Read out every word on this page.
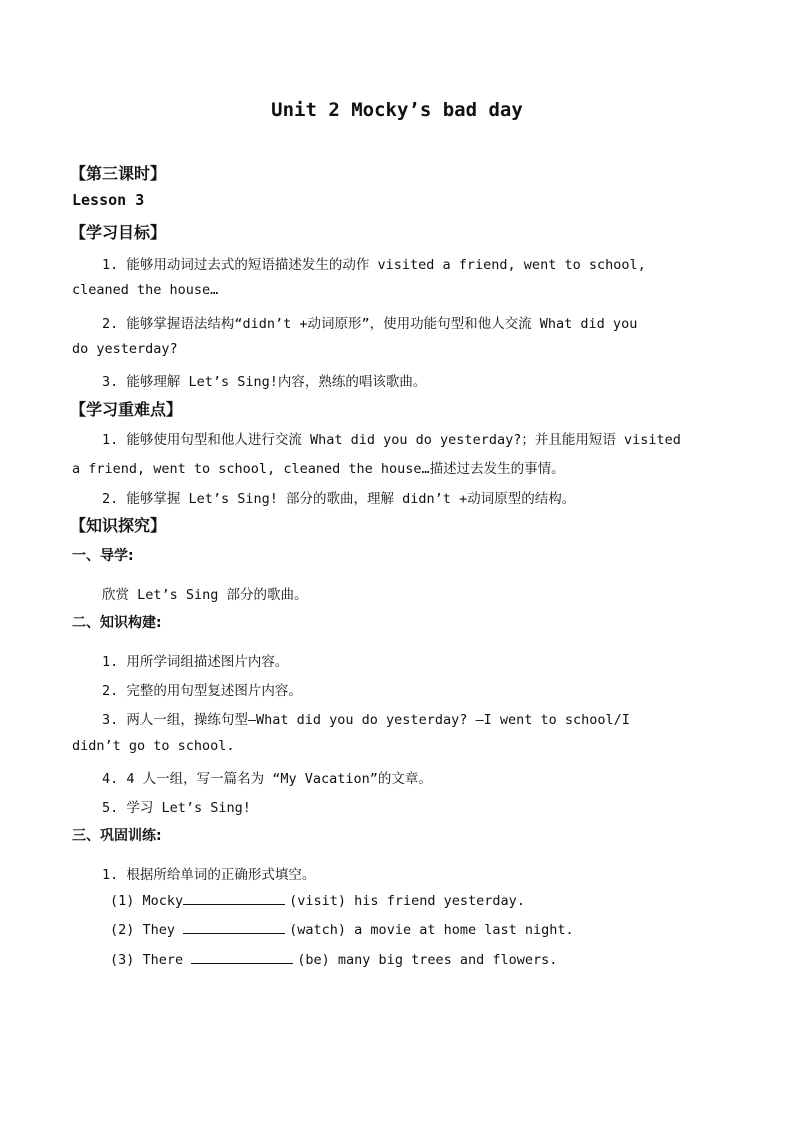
Unit 2 Mocky’s bad day
【第三课时】
Lesson 3
【学习目标】
1. 能够用动词过去式的短语描述发生的动作 visited a friend, went to school,
cleaned the house…
2. 能够掌握语法结构“didn’t +动词原形”，使用功能句型和他人交流 What did you
do yesterday?
3. 能够理解 Let’s Sing!内容，熟练的唱该歌曲。
【学习重难点】
1. 能够使用句型和他人进行交流 What did you do yesterday?；并且能用短语 visited
a friend, went to school, cleaned the house…描述过去发生的事情。
2. 能够掌握 Let’s Sing! 部分的歌曲，理解 didn’t +动词原型的结构。
【知识探究】
一、导学:
欣赏 Let’s Sing 部分的歌曲。
二、知识构建:
1. 用所学词组描述图片内容。
2. 完整的用句型复述图片内容。
3. 两人一组，操练句型—What did you do yesterday? —I went to school/I
didn’t go to school.
4. 4 人一组，写一篇名为 “My Vacation”的文章。
5. 学习 Let’s Sing!
三、巩固训练:
1. 根据所给单词的正确形式填空。
(1) Mocky	(visit) his friend yesterday.
(2) They	(watch) a movie at home last night.
(3) There	(be) many big trees and flowers.
